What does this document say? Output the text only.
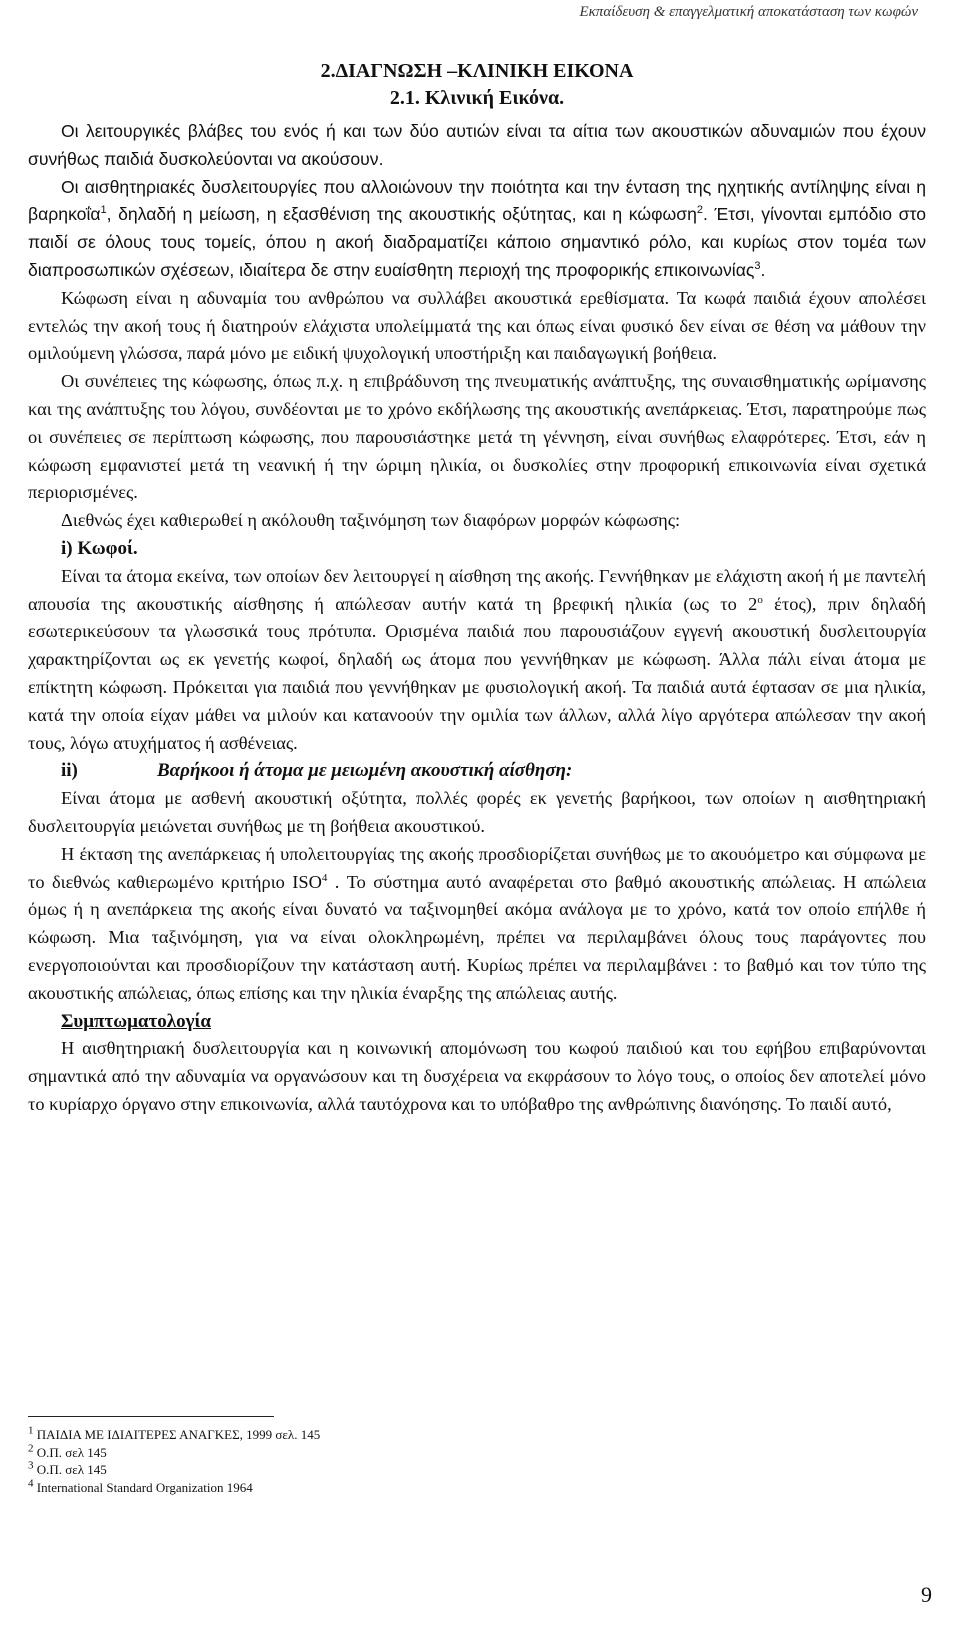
Εκπαίδευση & επαγγελματική αποκατάσταση των κωφών
2.ΔΙΑΓΝΩΣΗ –ΚΛΙΝΙΚΗ ΕΙΚΟΝΑ
2.1. Κλινική Εικόνα.

Οι λειτουργικές βλάβες του ενός ή και των δύο αυτιών είναι τα αίτια των ακουστικών αδυναμιών που έχουν συνήθως παιδιά δυσκολεύονται να ακούσουν.

Οι αισθητηριακές δυσλειτουργίες που αλλοιώνουν την ποιότητα και την ένταση της ηχητικής αντίληψης είναι η βαρηκοΐα$^1$, δηλαδή η μείωση, η εξασθένιση της ακουστικής οξύτητας, και η κώφωση$^2$. Έτσι, γίνονται εμπόδιο στο παιδί σε όλους τους τομείς, όπου η ακοή διαδραματίζει κάποιο σημαντικό ρόλο, και κυρίως στον τομέα των διαπροσωπικών σχέσεων, ιδιαίτερα δε στην ευαίσθητη περιοχή της προφορικής επικοινωνίας$^3$.

Κώφωση είναι η αδυναμία του ανθρώπου να συλλάβει ακουστικά ερεθίσματα. Τα κωφά παιδιά έχουν απολέσει εντελώς την ακοή τους ή διατηρούν ελάχιστα υπολείμματά της και όπως είναι φυσικό δεν είναι σε θέση να μάθουν την ομιλούμενη γλώσσα, παρά μόνο με ειδική ψυχολογική υποστήριξη και παιδαγωγική βοήθεια.

Οι συνέπειες της κώφωσης, όπως π.χ. η επιβράδυνση της πνευματικής ανάπτυξης, της συναισθηματικής ωρίμανσης και της ανάπτυξης του λόγου, συνδέονται με το χρόνο εκδήλωσης της ακουστικής ανεπάρκειας. Έτσι, παρατηρούμε πως οι συνέπειες σε περίπτωση κώφωσης, που παρουσιάστηκε μετά τη γέννηση, είναι συνήθως ελαφρότερες. Έτσι, εάν η κώφωση εμφανιστεί μετά τη νεανική ή την ώριμη ηλικία, οι δυσκολίες στην προφορική επικοινωνία είναι σχετικά περιορισμένες.

Διεθνώς έχει καθιερωθεί η ακόλουθη ταξινόμηση των διαφόρων μορφών κώφωσης:

i) Κωφοί.

Είναι τα άτομα εκείνα, των οποίων δεν λειτουργεί η αίσθηση της ακοής. Γεννήθηκαν με ελάχιστη ακοή ή με παντελή απουσία της ακουστικής αίσθησης ή απώλεσαν αυτήν κατά τη βρεφική ηλικία (ως το $2^o$ έτος), πριν δηλαδή εσωτερικεύσουν τα γλωσσικά τους πρότυπα. Ορισμένα παιδιά που παρουσιάζουν εγγενή ακουστική δυσλειτουργία χαρακτηρίζονται ως εκ γενετής κωφοί, δηλαδή ως άτομα που γεννήθηκαν με κώφωση. Άλλα πάλι είναι άτομα με επίκτητη κώφωση. Πρόκειται για παιδιά που γεννήθηκαν με φυσιολογική ακοή. Τα παιδιά αυτά έφτασαν σε μια ηλικία, κατά την οποία είχαν μάθει να μιλούν και κατανοούν την ομιλία των άλλων, αλλά λίγο αργότερα απώλεσαν την ακοή τους, λόγω ατυχήματος ή ασθένειας.

ii)	Βαρήκοοι ή άτομα με μειωμένη ακουστική αίσθηση:

Είναι άτομα με ασθενή ακουστική οξύτητα, πολλές φορές εκ γενετής βαρήκοοι, των οποίων η αισθητηριακή δυσλειτουργία μειώνεται συνήθως με τη βοήθεια ακουστικού.

Η έκταση της ανεπάρκειας ή υπολειτουργίας της ακοής προσδιορίζεται συνήθως με το ακουόμετρο και σύμφωνα με το διεθνώς καθιερωμένο κριτήριο ISO$^4$ . Το σύστημα αυτό αναφέρεται στο βαθμό ακουστικής απώλειας. Η απώλεια όμως ή η ανεπάρκεια της ακοής είναι δυνατό να ταξινομηθεί ακόμα ανάλογα με το χρόνο, κατά τον οποίο επήλθε ή κώφωση. Μια ταξινόμηση, για να είναι ολοκληρωμένη, πρέπει να περιλαμβάνει όλους τους παράγοντες που ενεργοποιούνται και προσδιορίζουν την κατάσταση αυτή. Κυρίως πρέπει να περιλαμβάνει : το βαθμό και τον τύπο της ακουστικής απώλειας, όπως επίσης και την ηλικία έναρξης της απώλειας αυτής.

Συμπτωματολογία

Η αισθητηριακή δυσλειτουργία και η κοινωνική απομόνωση του κωφού παιδιού και του εφήβου επιβαρύνονται σημαντικά από την αδυναμία να οργανώσουν και τη δυσχέρεια να εκφράσουν το λόγο τους, ο οποίος δεν αποτελεί μόνο το κυρίαρχο όργανο στην επικοινωνία, αλλά ταυτόχρονα και το υπόβαθρο της ανθρώπινης διανόησης. Το παιδί αυτό,

$^1$ ΠΑΙΔΙΑ ΜΕ ΙΔΙΑΙΤΕΡΕΣ ΑΝΑΓΚΕΣ, 1999 σελ. 145
$^2$ Ο.Π. σελ 145
$^3$ Ο.Π. σελ 145
$^4$ International Standard Organization 1964
9
